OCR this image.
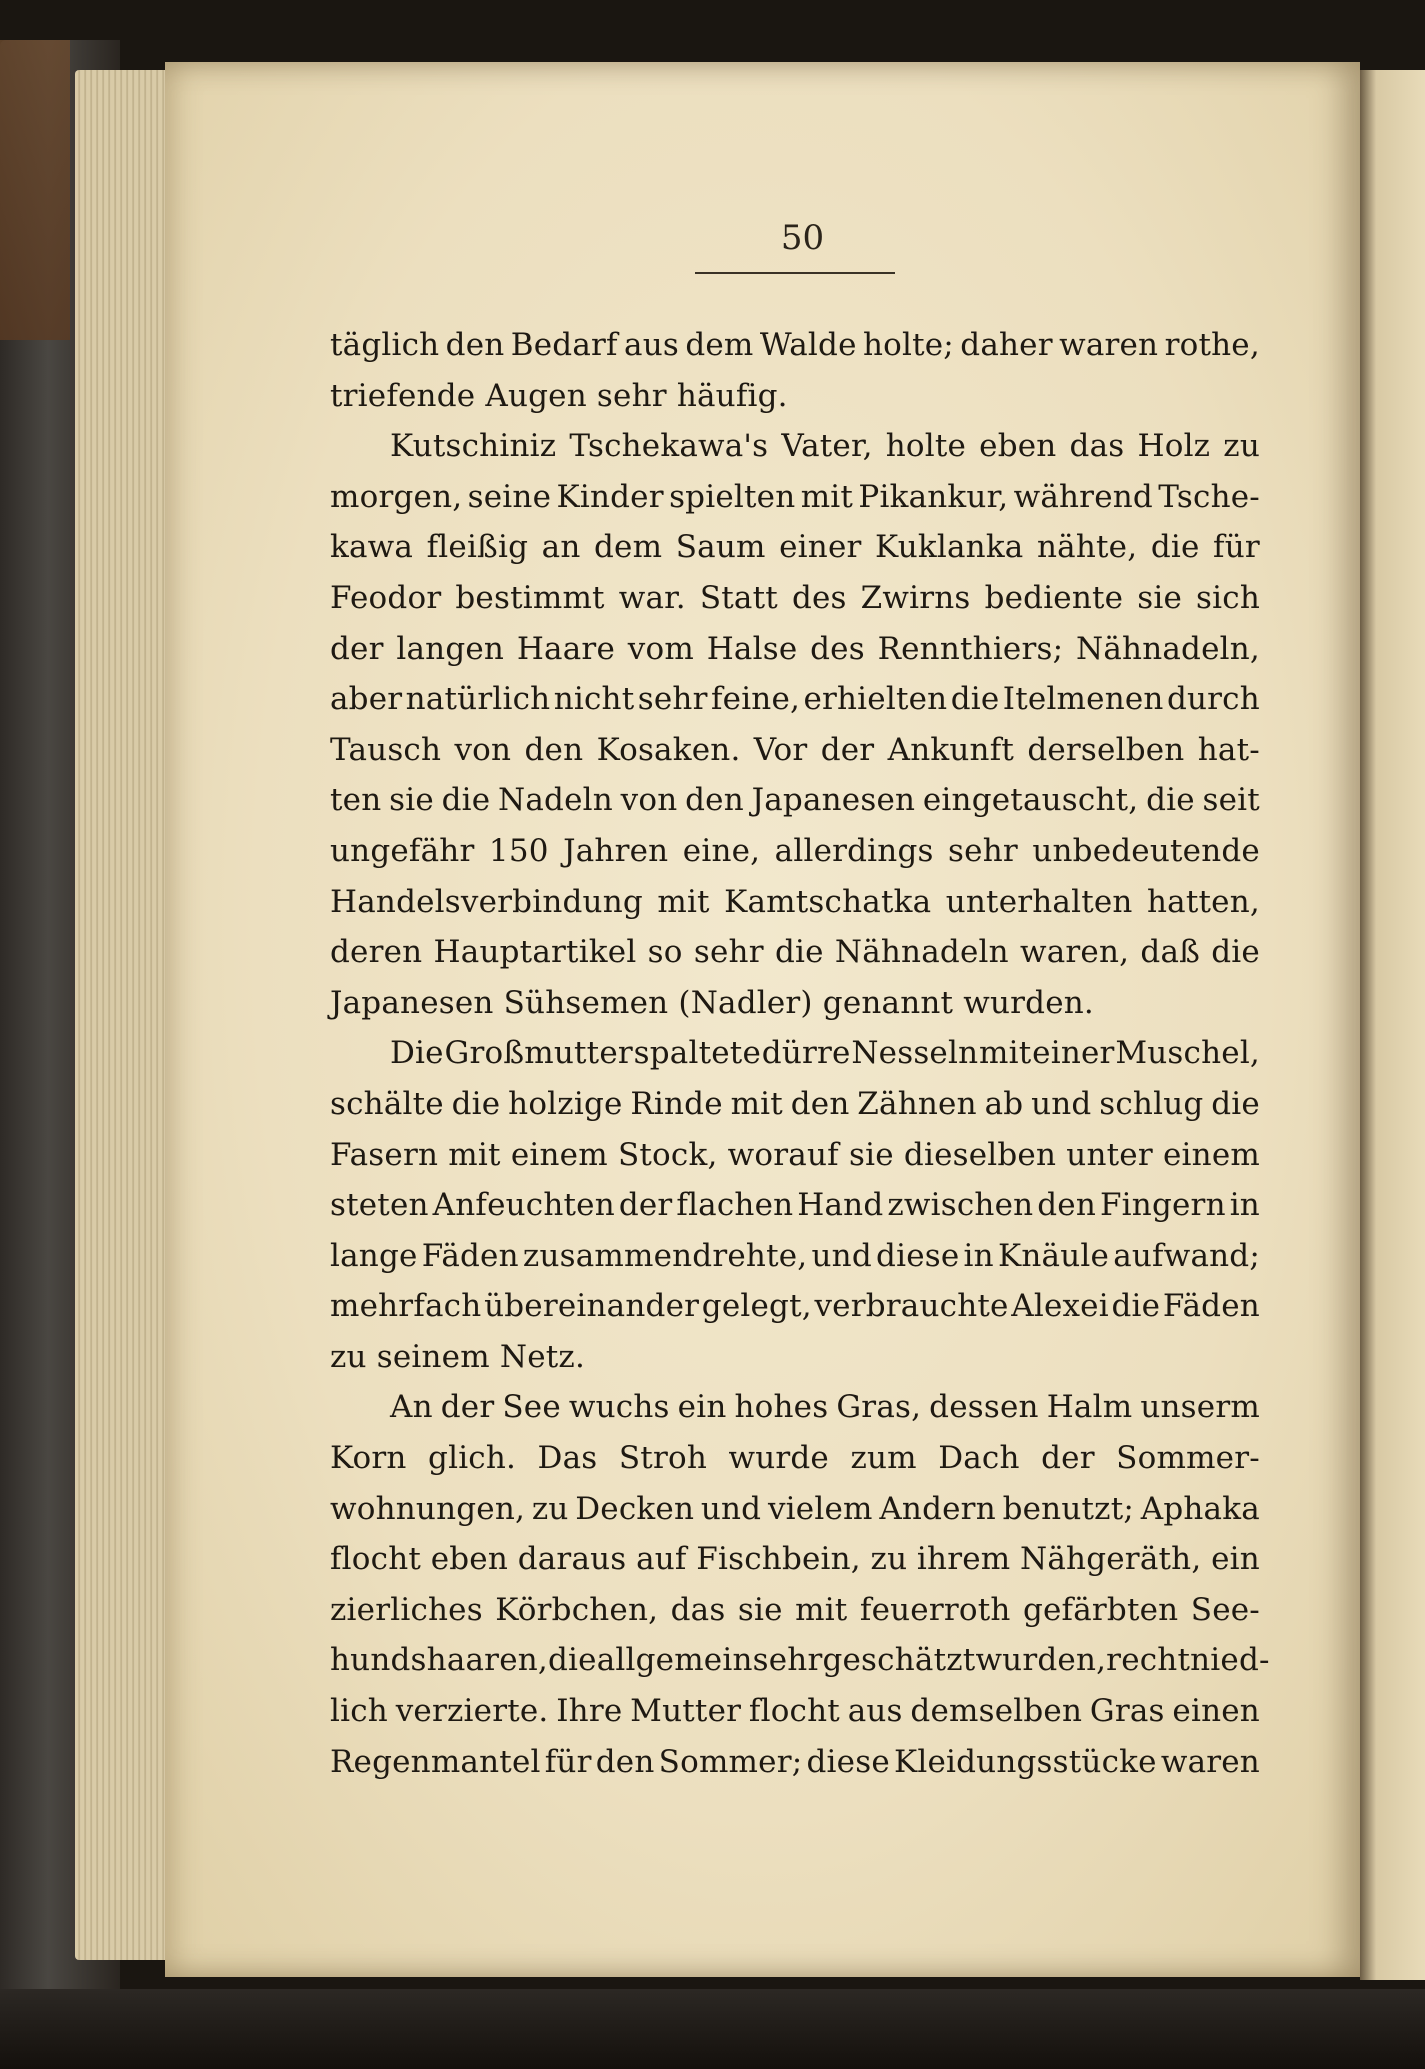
50
täglich den Bedarf aus dem Walde holte; daher waren rothe,
triefende Augen sehr häufig.
Kutschiniz Tschekawa's Vater, holte eben das Holz zu
morgen, seine Kinder spielten mit Pikankur, während Tsche-
kawa fleißig an dem Saum einer Kuklanka nähte, die für
Feodor bestimmt war. Statt des Zwirns bediente sie sich
der langen Haare vom Halse des Rennthiers; Nähnadeln,
aber natürlich nicht sehr feine, erhielten die Itelmenen durch
Tausch von den Kosaken. Vor der Ankunft derselben hat-
ten sie die Nadeln von den Japanesen eingetauscht, die seit
ungefähr 150 Jahren eine, allerdings sehr unbedeutende
Handelsverbindung mit Kamtschatka unterhalten hatten,
deren Hauptartikel so sehr die Nähnadeln waren, daß die
Japanesen Sühsemen (Nadler) genannt wurden.
Die Großmutter spaltete dürre Nesseln mit einer Muschel,
schälte die holzige Rinde mit den Zähnen ab und schlug die
Fasern mit einem Stock, worauf sie dieselben unter einem
steten Anfeuchten der flachen Hand zwischen den Fingern in
lange Fäden zusammendrehte, und diese in Knäule aufwand;
mehrfach übereinander gelegt, verbrauchte Alexei die Fäden
zu seinem Netz.
An der See wuchs ein hohes Gras, dessen Halm unserm
Korn glich. Das Stroh wurde zum Dach der Sommer-
wohnungen, zu Decken und vielem Andern benutzt; Aphaka
flocht eben daraus auf Fischbein, zu ihrem Nähgeräth, ein
zierliches Körbchen, das sie mit feuerroth gefärbten See-
hundshaaren, die allgemein sehr geschätzt wurden, recht nied-
lich verzierte. Ihre Mutter flocht aus demselben Gras einen
Regenmantel für den Sommer; diese Kleidungsstücke waren
